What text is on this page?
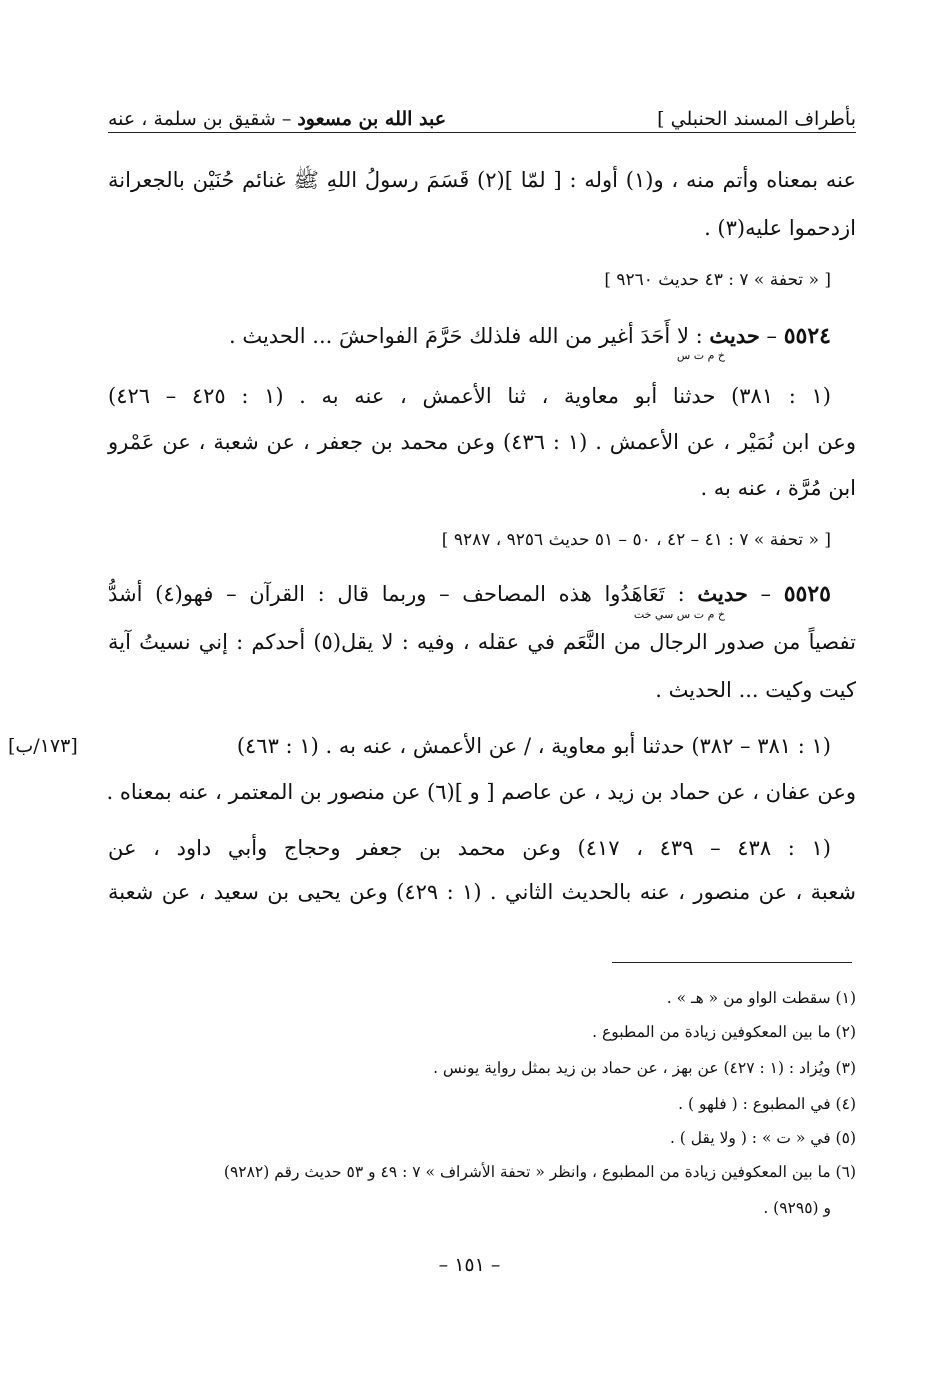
بأطراف المسند الحنبلي ]
عبد الله بن مسعود
– شقيق بن سلمة ، عنه
عنه بمعناه وأتم منه ، و(١) أوله : [ لمّا ](٢) قَسَمَ رسولُ اللهِ ﷺ غنائم حُنَيْن بالجعرانة
ازدحموا عليه(٣) .
[ « تحفة » ٧ : ٤٣ حديث ٩٢٦٠ ]
٥٥٢٤ – حديث : لا أَحَدَ أغير من الله فلذلك حَرَّمَ الفواحشَ ... الحديث .
خ م ت س
(١ : ٣٨١) حدثنا أبو معاوية ، ثنا الأعمش ، عنه به . (١ : ٤٢٥ – ٤٢٦)
وعن ابن نُمَيْر ، عن الأعمش . (١ : ٤٣٦) وعن محمد بن جعفر ، عن شعبة ، عن عَمْرو
ابن مُرَّة ، عنه به .
[ « تحفة » ٧ : ٤١ – ٤٢ ، ٥٠ – ٥١ حديث ٩٢٥٦ ، ٩٢٨٧ ]
٥٥٢٥ – حديث : تَعَاهَدُوا هذه المصاحف – وربما قال : القرآن – فهو(٤) أشدُّ
خ م ت س سي خت
تفصياً من صدور الرجال من النَّعَم في عقله ، وفيه : لا يقل(٥) أحدكم : إني نسيتُ آية
كيت وكيت ... الحديث .
(١ : ٣٨١ – ٣٨٢) حدثنا أبو معاوية ، / عن الأعمش ، عنه به . (١ : ٤٦٣)
[١٧٣/ب]
وعن عفان ، عن حماد بن زيد ، عن عاصم [ و ](٦) عن منصور بن المعتمر ، عنه بمعناه .
(١ : ٤٣٨ – ٤٣٩ ، ٤١٧) وعن محمد بن جعفر وحجاج وأبي داود ، عن
شعبة ، عن منصور ، عنه بالحديث الثاني . (١ : ٤٢٩) وعن يحيى بن سعيد ، عن شعبة
(١) سقطت الواو من « هـ » .
(٢) ما بين المعكوفين زيادة من المطبوع .
(٣) ويُزاد : (١ : ٤٢٧) عن بهز ، عن حماد بن زيد بمثل رواية يونس .
(٤) في المطبوع : ( فلهو ) .
(٥) في « ت » : ( ولا يقل ) .
(٦) ما بين المعكوفين زيادة من المطبوع ، وانظر « تحفة الأشراف » ٧ : ٤٩ و ٥٣ حديث رقم (٩٢٨٢)
و (٩٢٩٥) .
– ١٥١ –
